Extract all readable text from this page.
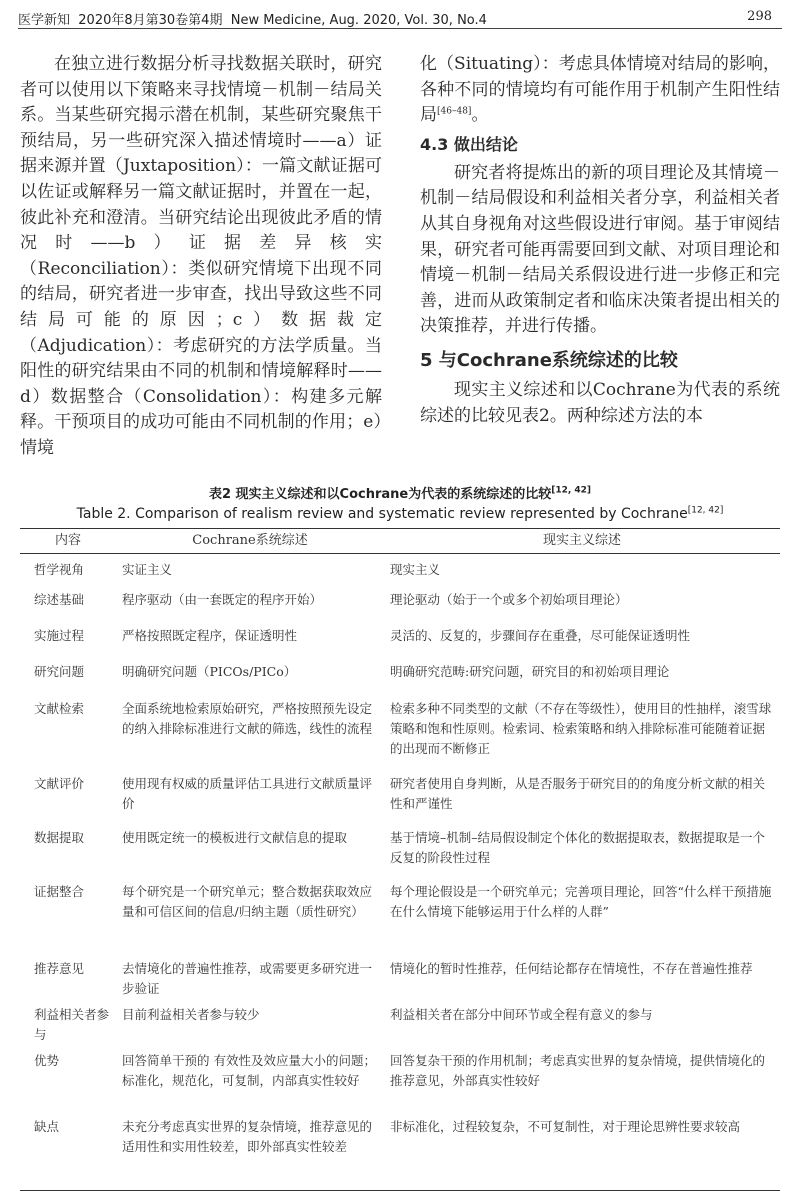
医学新知 2020年8月第30卷第4期 New Medicine, Aug. 2020, Vol. 30, No.4	298

在独立进行数据分析寻找数据关联时，研究者可以使用以下策略来寻找情境－机制－结局关系。当某些研究揭示潜在机制，某些研究聚焦干预结局，另一些研究深入描述情境时——a）证据来源并置（Juxtaposition）：一篇文献证据可以佐证或解释另一篇文献证据时，并置在一起，彼此补充和澄清。当研究结论出现彼此矛盾的情况时——b）证据差异核实（Reconciliation）：类似研究情境下出现不同的结局，研究者进一步审查，找出导致这些不同结局可能的原因；c）数据裁定（Adjudication）：考虑研究的方法学质量。当阳性的研究结果由不同的机制和情境解释时——d）数据整合（Consolidation）：构建多元解释。干预项目的成功可能由不同机制的作用；e）情境

化（Situating）：考虑具体情境对结局的影响，各种不同的情境均有可能作用于机制产生阳性结局[46–48]。

4.3 做出结论

研究者将提炼出的新的项目理论及其情境－机制－结局假设和利益相关者分享，利益相关者从其自身视角对这些假设进行审阅。基于审阅结果，研究者可能再需要回到文献、对项目理论和情境－机制－结局关系假设进行进一步修正和完善，进而从政策制定者和临床决策者提出相关的决策推荐，并进行传播。

5 与Cochrane系统综述的比较

现实主义综述和以Cochrane为代表的系统综述的比较见表2。两种综述方法的本

表2 现实主义综述和以Cochrane为代表的系统综述的比较[12, 42]
Table 2. Comparison of realism review and systematic review represented by Cochrane[12, 42]
内容	Cochrane系统综述	现实主义综述
哲学视角	实证主义	现实主义
综述基础	程序驱动（由一套既定的程序开始）	理论驱动（始于一个或多个初始项目理论）
实施过程	严格按照既定程序，保证透明性	灵活的、反复的，步骤间存在重叠，尽可能保证透明性
研究问题	明确研究问题（PICOs/PICo）	明确研究范畴:研究问题，研究目的和初始项目理论
文献检索	全面系统地检索原始研究，严格按照预先设定的纳入排除标准进行文献的筛选，线性的流程	检索多种不同类型的文献（不存在等级性），使用目的性抽样，滚雪球策略和饱和性原则。检索词、检索策略和纳入排除标准可能随着证据的出现而不断修正
文献评价	使用现有权威的质量评估工具进行文献质量评价	研究者使用自身判断，从是否服务于研究目的的角度分析文献的相关性和严谨性
数据提取	使用既定统一的模板进行文献信息的提取	基于情境–机制–结局假设制定个体化的数据提取表，数据提取是一个反复的阶段性过程
证据整合	每个研究是一个研究单元；整合数据获取效应量和可信区间的信息/归纳主题（质性研究）	每个理论假设是一个研究单元；完善项目理论，回答“什么样干预措施在什么情境下能够运用于什么样的人群”
推荐意见	去情境化的普遍性推荐，或需要更多研究进一步验证	情境化的暂时性推荐，任何结论都存在情境性，不存在普遍性推荐
利益相关者参与	目前利益相关者参与较少	利益相关者在部分中间环节或全程有意义的参与
优势	回答简单干预的 有效性及效应量大小的问题；标准化，规范化，可复制，内部真实性较好	回答复杂干预的作用机制；考虑真实世界的复杂情境，提供情境化的推荐意见，外部真实性较好
缺点	未充分考虑真实世界的复杂情境，推荐意见的适用性和实用性较差，即外部真实性较差	非标准化，过程较复杂，不可复制性，对于理论思辨性要求较高
